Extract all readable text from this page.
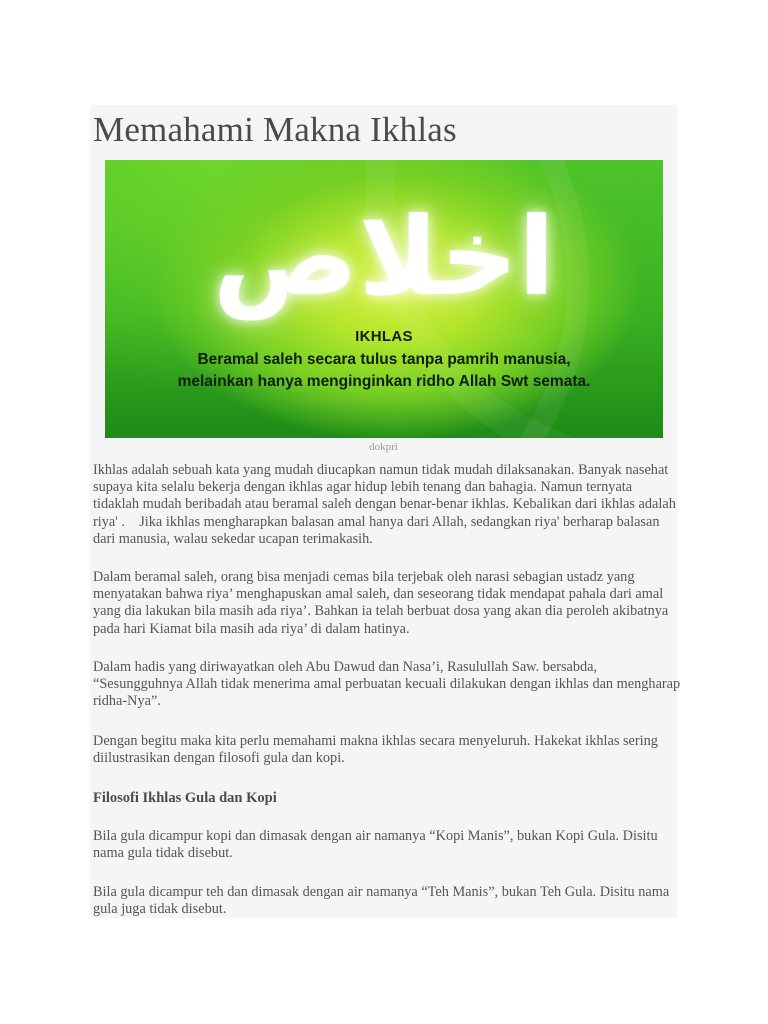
Memahami Makna Ikhlas
اخلاص
IKHLAS
Beramal saleh secara tulus tanpa pamrih manusia,
melainkan hanya menginginkan ridho Allah Swt semata.
dokpri

Ikhlas adalah sebuah kata yang mudah diucapkan namun tidak mudah dilaksanakan. Banyak nasehat supaya kita selalu bekerja dengan ikhlas agar hidup lebih tenang dan bahagia. Namun ternyata tidaklah mudah beribadah atau beramal saleh dengan benar-benar ikhlas. Kebalikan dari ikhlas adalah riya' .    Jika ikhlas mengharapkan balasan amal hanya dari Allah, sedangkan riya' berharap balasan dari manusia, walau sekedar ucapan terimakasih.

Dalam beramal saleh, orang bisa menjadi cemas bila terjebak oleh narasi sebagian ustadz yang menyatakan bahwa riya’ menghapuskan amal saleh, dan seseorang tidak mendapat pahala dari amal yang dia lakukan bila masih ada riya’. Bahkan ia telah berbuat dosa yang akan dia peroleh akibatnya pada hari Kiamat bila masih ada riya’ di dalam hatinya.

Dalam hadis yang diriwayatkan oleh Abu Dawud dan Nasa’i, Rasulullah Saw. bersabda, “Sesungguhnya Allah tidak menerima amal perbuatan kecuali dilakukan dengan ikhlas dan mengharap ridha-Nya”.

Dengan begitu maka kita perlu memahami makna ikhlas secara menyeluruh. Hakekat ikhlas sering diilustrasikan dengan filosofi gula dan kopi.

Filosofi Ikhlas Gula dan Kopi

Bila gula dicampur kopi dan dimasak dengan air namanya “Kopi Manis”, bukan Kopi Gula. Disitu nama gula tidak disebut.

Bila gula dicampur teh dan dimasak dengan air namanya “Teh Manis”, bukan Teh Gula. Disitu nama gula juga tidak disebut.
